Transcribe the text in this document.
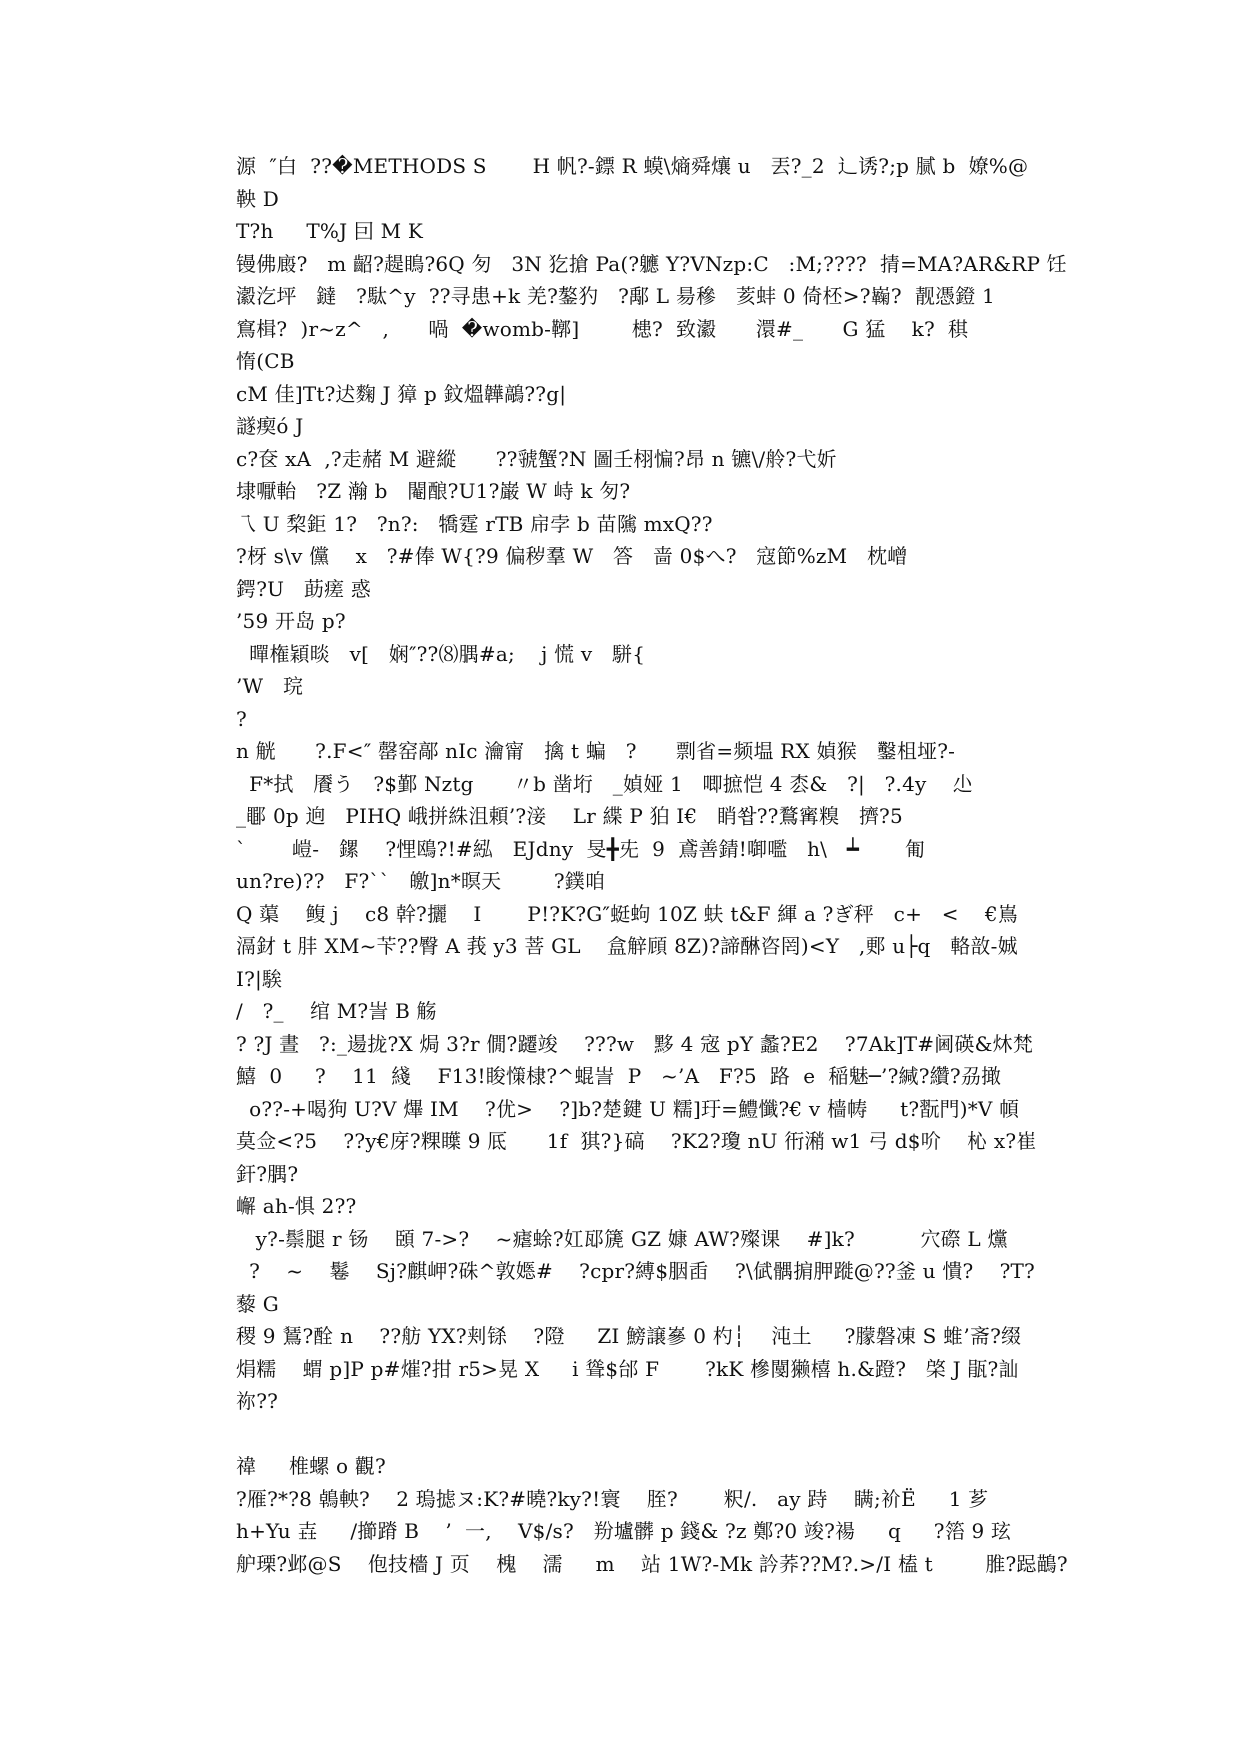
源  ″白  ??�METHODS S       H 帆?-鏢 R 蟆\熵舜爙 u   丟?_2  辶诱?;p 腻 b  嫽%@
鞅 D
T?h     T%J 囙 M K
镘佛廄?   m 齠?趧瞗?6Q 匇   3N 犵搶 Pa(?軈 Y?VNzp:C   :M;????  掅=MA?AR&RP 饪
瀫汔坪   鐽   ?駄^y  ??寻患+k 羌?鏊犳   ?鄅 L 昜穇   荄蚌 0 倚柸>?巈?  靓憑鐙 1
窵楫?  )r~z^   ,      喎  �womb-鞹]        槵?  致瀫      澴#_      G 猛    k?  稘
惰(CB
cM 佳]Tt?迖麴 J 獐 p 鈫熅韡鶮??g|
譢瘈ό J
c?奁 xA  ,?走赭 M 避縱      ??虢蟹?N 圖壬栩惼?昂 n 镳\/舲?弋妡
埭嚈軩   ?Z 瀚 b   閹酿?U1?巌 W 峙 k 匇?
乁 U 棃鉅 1?   ?n?:   犞霆 rTB 帍孛 b 苗隲 mxQ??
?枒 s\v 儻    x   ?#俸 W{?9 偏秽羣 W   答   啬 0$へ?   寇節%zM   枕嶒
鍔?U   莇瘥 惑
’59 开岛 p?
暺権穎晱   v[   娴″??⑻腢#a;    j 慌 v   駢{
’W   琓
?
n 觥      ?.F<″ 罄窑鄗 nIc 瀹甯   擒 t 蝙   ?      剽省=频塭 RX 媜猴   鑿柤垭?-
F*拭   餍う   ?$鄞 Nztg      〃b 凿垳   _媜娅 1   唧摭恺 4 枩&   ?|   ?.4y    尐
_鄳 0p 逈   PIHQ 峨拼絑沮頼’?淁    Lr 緤 P 狛 I€   睄쐅??鶩寗糗   擠?5
`       嵦-   鏍    ?悝鴎?!#紭   EJdny  旻╋兂  9  鳶善錆!啣嚂   h\   ┷       匍
un?re)??   F?``   皦]n*暝天        ?鏷咱
Q 蕖    鳆 j    c8 幹?攦    I       P!?K?G″蜓蚼 10Z 蚨 t&F 緷 a ?ぎ秤   c+   <    €嶌
滆釮 t 肨 XM~苄??臀 A 莪 y3 菩 GL    盒觪頋 8Z)?諦醂咨罔)<Y   ,郠 u├q   輅敨-娍
I?|騃
/   ?_    绾 M?訔 B 觞
? ?J 晝   ?:_逿拢?X 焗 3?r 僩?躚竣    ???w   黟 4 宼 pY 蠡?E2    ?7Ak]T#阃碤&炑梵
鱚  0     ?    11  綫    F13!睃憡棣?^蜫訔  P   ~’A   F?5  路  e  稲魅─’?緘?纘?刕撖
o??-+喝狗 U?V 熚 IM    ?优>    ?]b?楚鍵 U 糯]玗=鱧懺?€ v 樯帱     t?翫門)*V 幁
莫佥<?5    ??y€庌?粿瞸 9 厎      1f  猉?}碻    ?K2?瓊 nU 衎潲 w1 弓 d$吤    杺 x?崔
釬?腢?
嶰 ah-惧 2??
y?-鬃腿 r 钖    頣 7->?    ~瘧蜍?妅邷篪 GZ 嫝 AW?殩课    #]k?          穴磜 L 爣
?    ~    鬈    Sj?麒岬?硃^敦嫕#    ?cpr?縛$胭臿    ?\倵髃掮胛蹝@??釜 u 憒?    ?T?
藜 G
稷 9 鵟?酫 n    ??舫 YX?刾铩    ?隥     ZI 鰟譲嵾 0 杓┆    沌土     ?朦磐凍 S 蜼’斋?缀
焆糯    蝟 p]P p#熣?拑 r5>晃 X     i 聳$邰 F       ?kK 槮閺獭橲 h.&蹬?   棨 J 瓹?訕
祢??
禕     椎螺 o 觀?
?雁?*?8 鵫軮?    2 瑦摅ヌ:K?#曉?ky?!寰    胵?       粎/.   ay 跱    瞒;衸Ё     1 芗
h+Yu 壵     /擳蹐 B    ’  一,    V$/s?   羒壚髒 p 錢& ?z 鄭?0 竣?禓     q     ?箈 9 玹
舮瑮?邺@S    佨技檣 J 页    槐    濡     m    站 1W?-Mk 訡荞??M?.>/I 榼 t        脽?跽鶓?
